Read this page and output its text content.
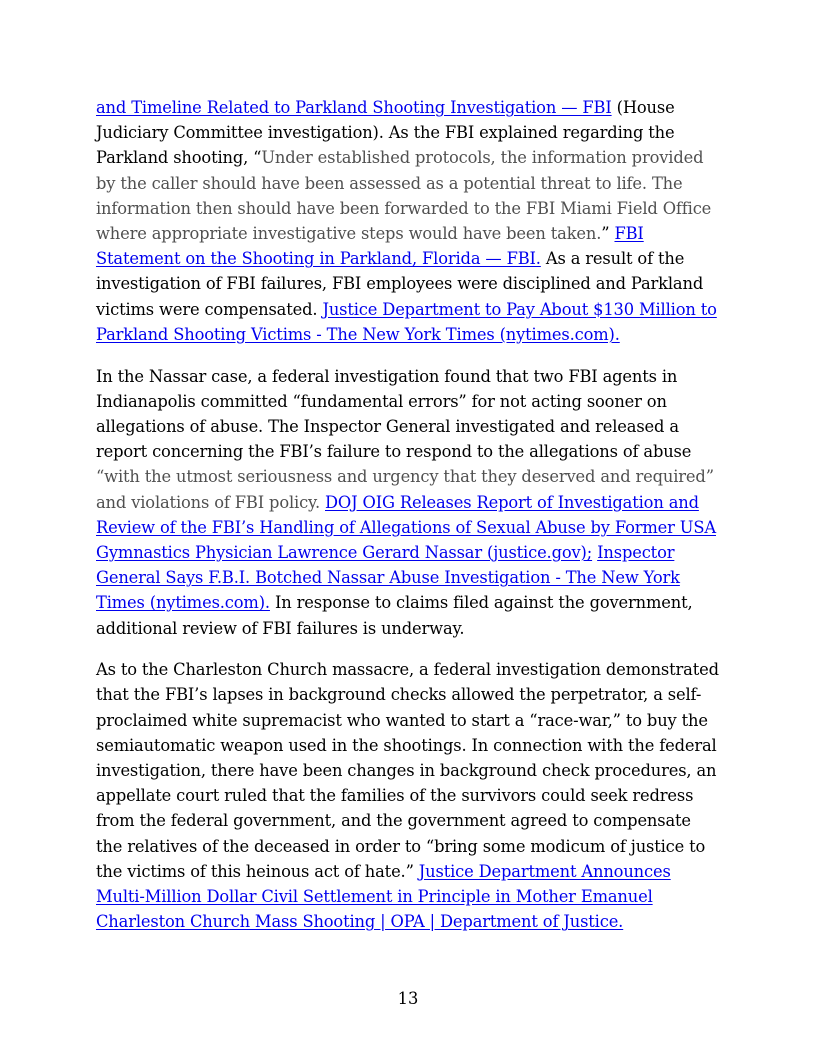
and Timeline Related to Parkland Shooting Investigation — FBI (House Judiciary Committee investigation). As the FBI explained regarding the Parkland shooting, “Under established protocols, the information provided by the caller should have been assessed as a potential threat to life. The information then should have been forwarded to the FBI Miami Field Office where appropriate investigative steps would have been taken.” FBI Statement on the Shooting in Parkland, Florida — FBI. As a result of the investigation of FBI failures, FBI employees were disciplined and Parkland victims were compensated. Justice Department to Pay About $130 Million to Parkland Shooting Victims - The New York Times (nytimes.com).

In the Nassar case, a federal investigation found that two FBI agents in Indianapolis committed “fundamental errors” for not acting sooner on allegations of abuse. The Inspector General investigated and released a report concerning the FBI’s failure to respond to the allegations of abuse “with the utmost seriousness and urgency that they deserved and required” and violations of FBI policy. DOJ OIG Releases Report of Investigation and Review of the FBI’s Handling of Allegations of Sexual Abuse by Former USA Gymnastics Physician Lawrence Gerard Nassar (justice.gov); Inspector General Says F.B.I. Botched Nassar Abuse Investigation - The New York Times (nytimes.com). In response to claims filed against the government, additional review of FBI failures is underway.

As to the Charleston Church massacre, a federal investigation demonstrated that the FBI’s lapses in background checks allowed the perpetrator, a self-proclaimed white supremacist who wanted to start a “race-war,” to buy the semiautomatic weapon used in the shootings. In connection with the federal investigation, there have been changes in background check procedures, an appellate court ruled that the families of the survivors could seek redress from the federal government, and the government agreed to compensate the relatives of the deceased in order to “bring some modicum of justice to the victims of this heinous act of hate.” Justice Department Announces Multi-Million Dollar Civil Settlement in Principle in Mother Emanuel Charleston Church Mass Shooting | OPA | Department of Justice.

13
